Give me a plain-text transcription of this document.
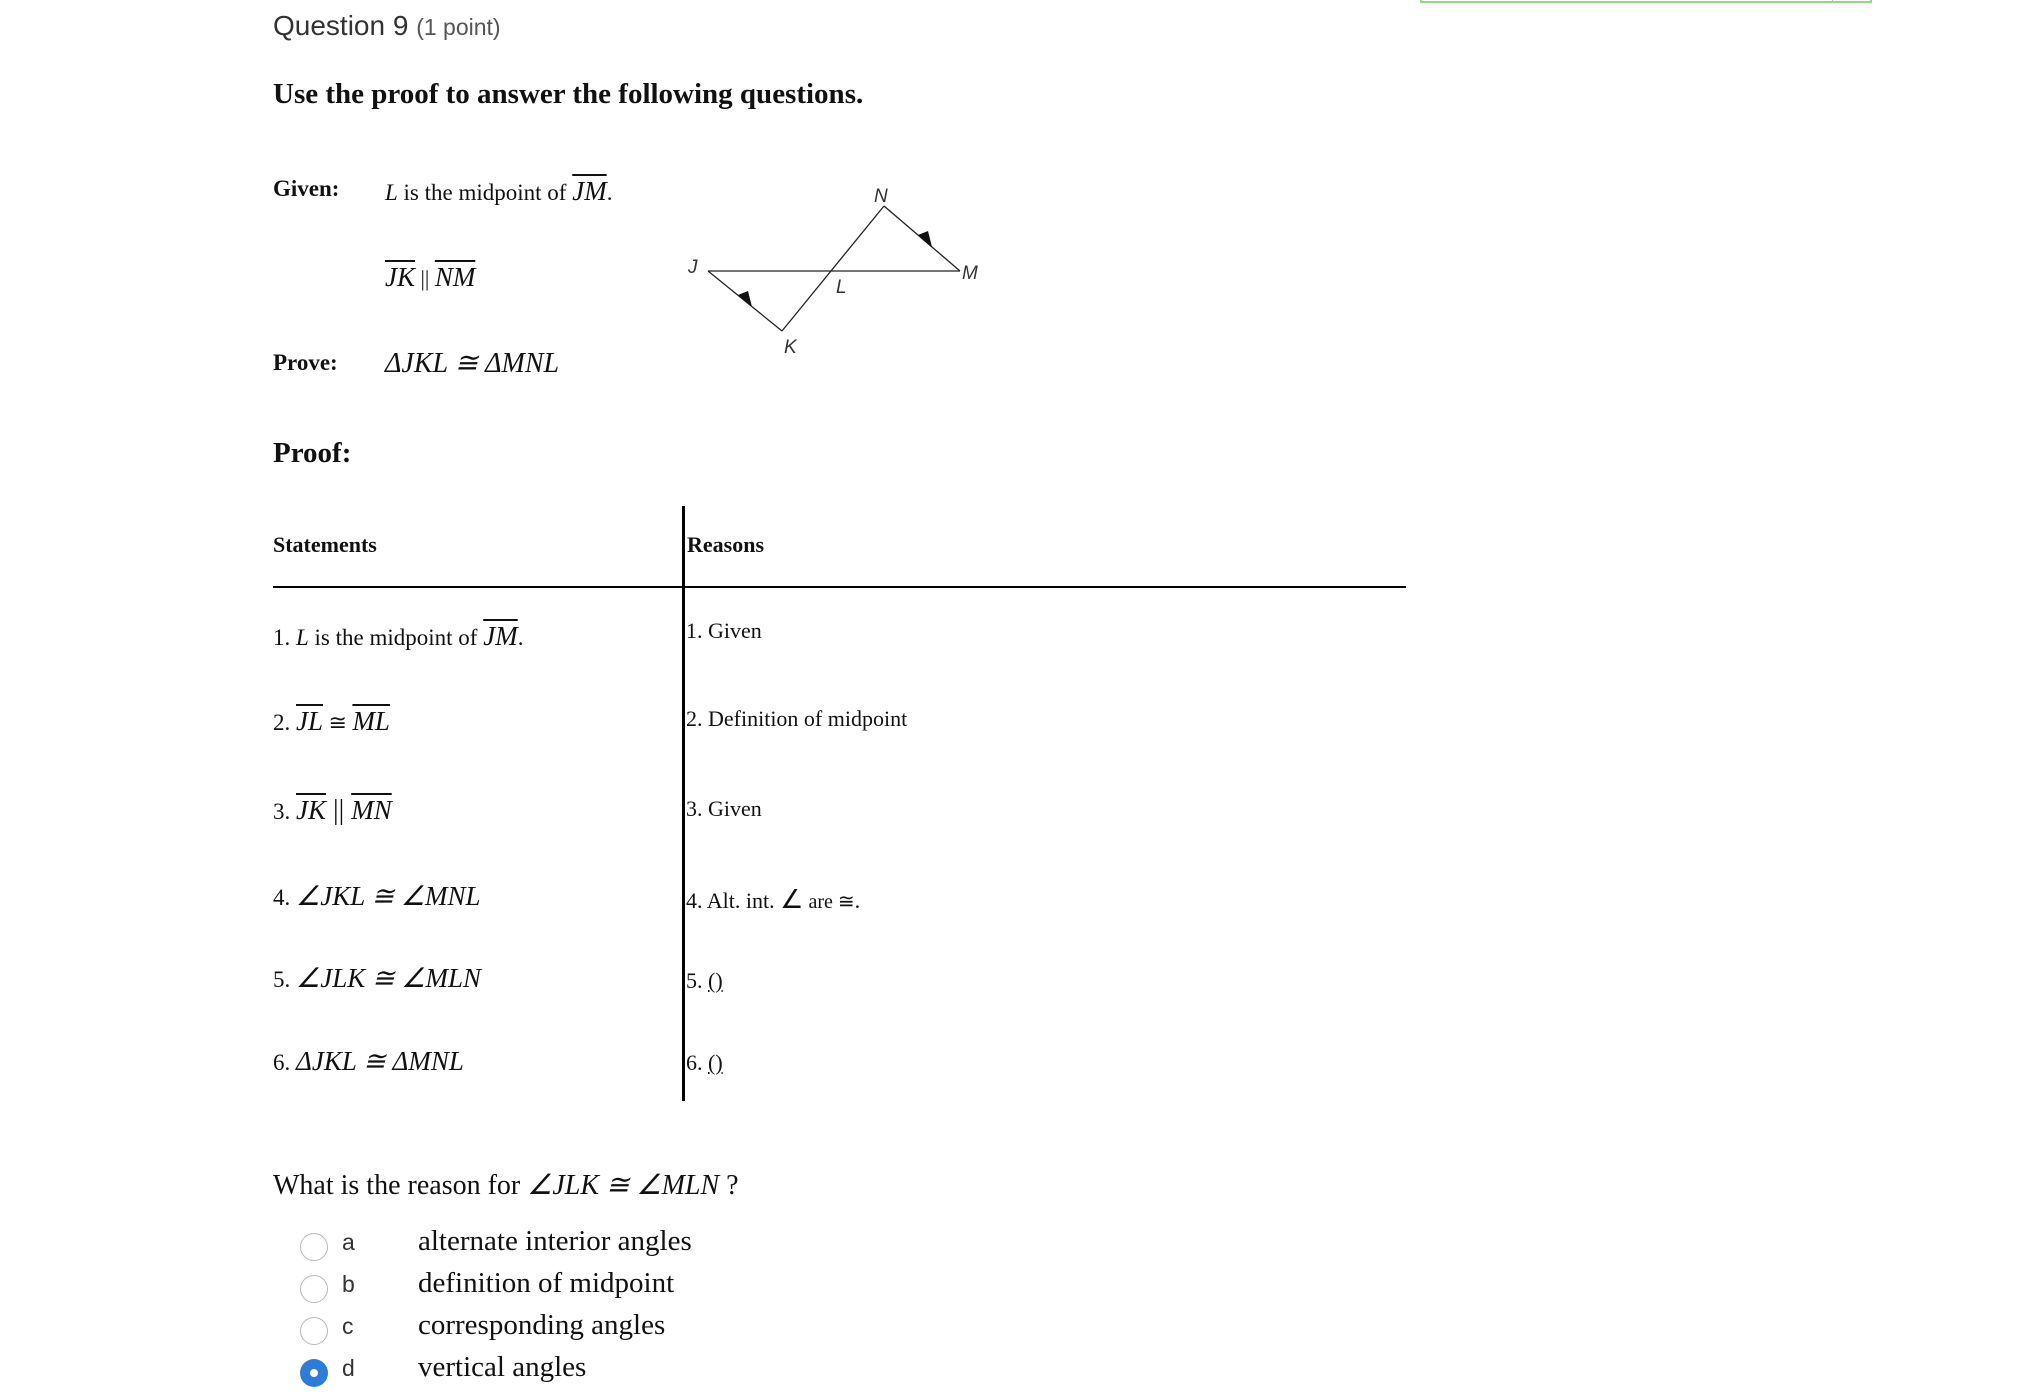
Question 9 (1 point)
Use the proof to answer the following questions.
Given: L is the midpoint of $\overline{JM}$.
$\overline{JK}$ || $\overline{NM}$
Prove: ΔJKL ≅ ΔMNL
N
J	M
L
K
Proof:
Statements	Reasons
1. L is the midpoint of $\overline{JM}$.	1. Given
2. $\overline{JL}$ ≅ $\overline{ML}$	2. Definition of midpoint
3. $\overline{JK}$ || $\overline{MN}$	3. Given
4. ∠JKL ≅ ∠MNL	4. Alt. int. ∠ are ≅.
5. ∠JLK ≅ ∠MLN	5. ()
6. ΔJKL ≅ ΔMNL	6. ()
What is the reason for ∠JLK ≅ ∠MLN ?
a alternate interior angles
b definition of midpoint
c corresponding angles
d vertical angles
